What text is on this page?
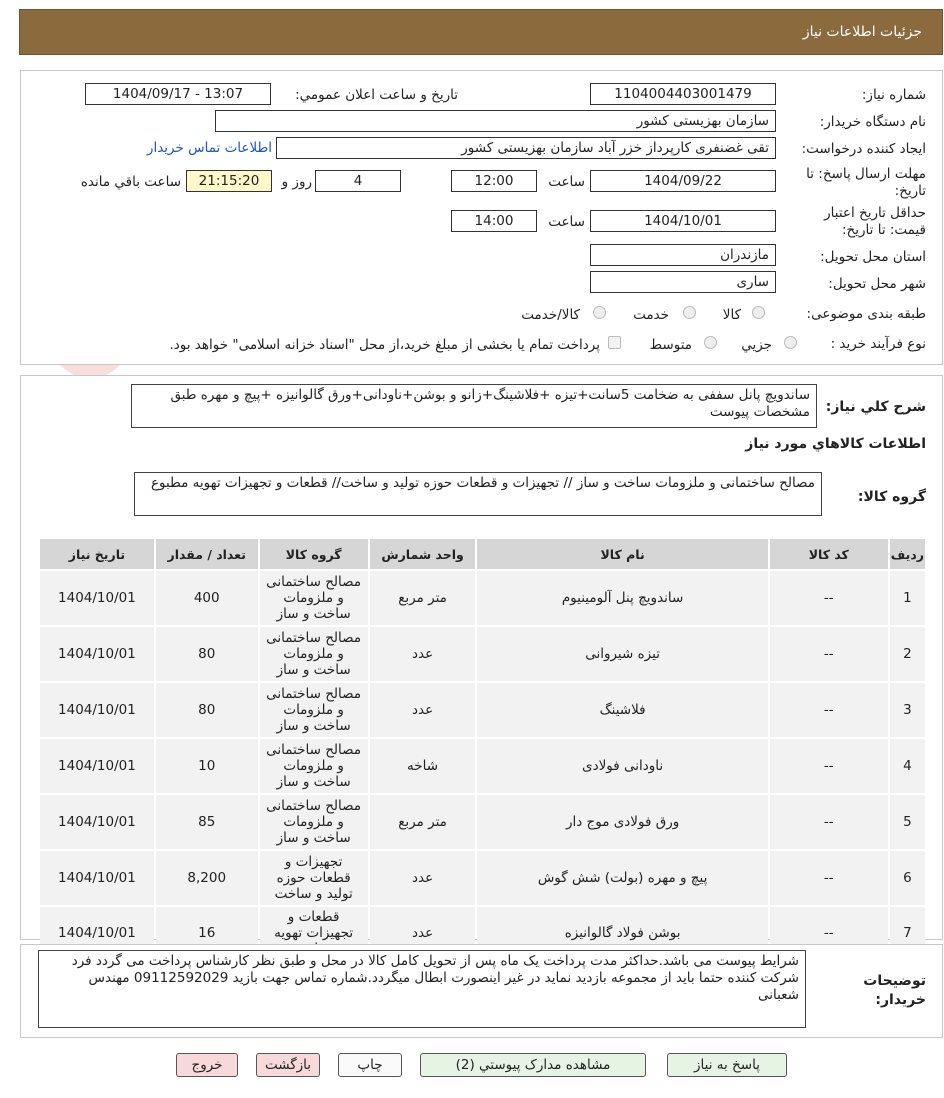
جزئیات اطلاعات نیاز
شماره نیاز:
1104004403001479
تاریخ و ساعت اعلان عمومي:
1404/09/17 - 13:07
نام دستگاه خریدار:
سازمان بهزیستی کشور
ایجاد کننده درخواست:
تقی غضنفری کارپرداز خزر آباد سازمان بهزیستی کشور
اطلاعات تماس خریدار
مهلت ارسال پاسخ: تا تاریخ:
1404/09/22
ساعت
12:00
4
روز و
21:15:20
ساعت باقي مانده
حداقل تاریخ اعتبار قیمت: تا تاریخ:
1404/10/01
ساعت
14:00
استان محل تحویل:
مازندران
شهر محل تحویل:
ساری
طبقه بندی موضوعی:
کالا
خدمت
کالا/خدمت
نوع فرآیند خرید :
جزیي
متوسط
پرداخت تمام یا بخشی از مبلغ خرید،از محل "اسناد خزانه اسلامی" خواهد بود.
شرح کلي نياز:
ساندویچ پانل سففی به ضخامت 5سانت+تیزه +فلاشینگ+زانو و بوشن+ناودانی+ورق گالوانیزه +پیچ و مهره طبق مشخصات پیوست
اطلاعات کالاهاي مورد نياز
گروه کالا:
مصالح ساختمانی و ملزومات ساخت و ساز // تجهیزات و قطعات حوزه تولید و ساخت// قطعات و تجهیزات تهویه مطبوع
رديف	کد کالا	نام کالا	واحد شمارش	گروه کالا	تعداد / مقدار	تاریخ نیاز
1	--	ساندویچ پنل آلومینیوم	متر مربع	مصالح ساختمانی و ملزومات ساخت و ساز	400	1404/10/01
2	--	تیزه شیروانی	عدد	مصالح ساختمانی و ملزومات ساخت و ساز	80	1404/10/01
3	--	فلاشینگ	عدد	مصالح ساختمانی و ملزومات ساخت و ساز	80	1404/10/01
4	--	ناودانی فولادی	شاخه	مصالح ساختمانی و ملزومات ساخت و ساز	10	1404/10/01
5	--	ورق فولادی موج دار	متر مربع	مصالح ساختمانی و ملزومات ساخت و ساز	85	1404/10/01
6	--	پیچ و مهره (بولت) شش گوش	عدد	تجهیزات و قطعات حوزه تولید و ساخت	8,200	1404/10/01
7	--	بوشن فولاد گالوانیزه	عدد	قطعات و تجهیزات تهویه	16	1404/10/01
توضیحات خریدار:
شرایط پیوست می باشد.حداکثر مدت پرداخت یک ماه پس از تحویل کامل کالا در محل و طبق نظر کارشناس پرداخت می گردد فرد شرکت کننده حتما باید از مجموعه بازدید نماید در غیر اینصورت ابطال میگردد.شماره تماس جهت بازید 09112592029 مهندس شعبانی
پاسخ به نیاز
مشاهده مدارک پیوستي (2)
چاپ
بازگشت
خروج
